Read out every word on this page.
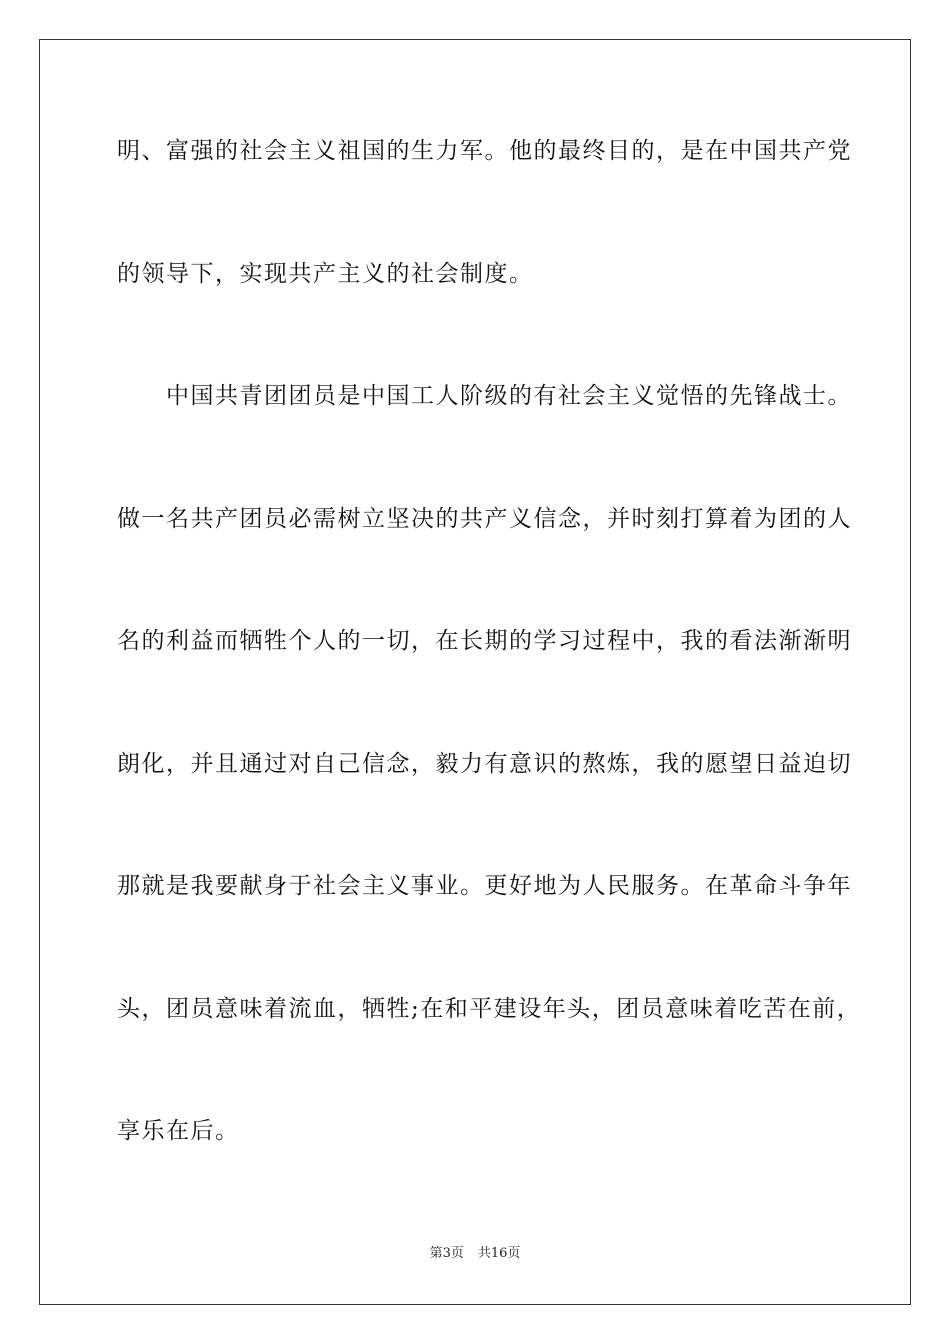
明、富强的社会主义祖国的生力军。他的最终目的，是在中国共产党
的领导下，实现共产主义的社会制度。
　　中国共青团团员是中国工人阶级的有社会主义觉悟的先锋战士。
做一名共产团员必需树立坚决的共产义信念，并时刻打算着为团的人
名的利益而牺牲个人的一切，在长期的学习过程中，我的看法渐渐明
朗化，并且通过对自己信念，毅力有意识的熬炼，我的愿望日益迫切
那就是我要献身于社会主义事业。更好地为人民服务。在革命斗争年
头，团员意味着流血，牺牲;在和平建设年头，团员意味着吃苦在前，
享乐在后。
第3页 共16页
